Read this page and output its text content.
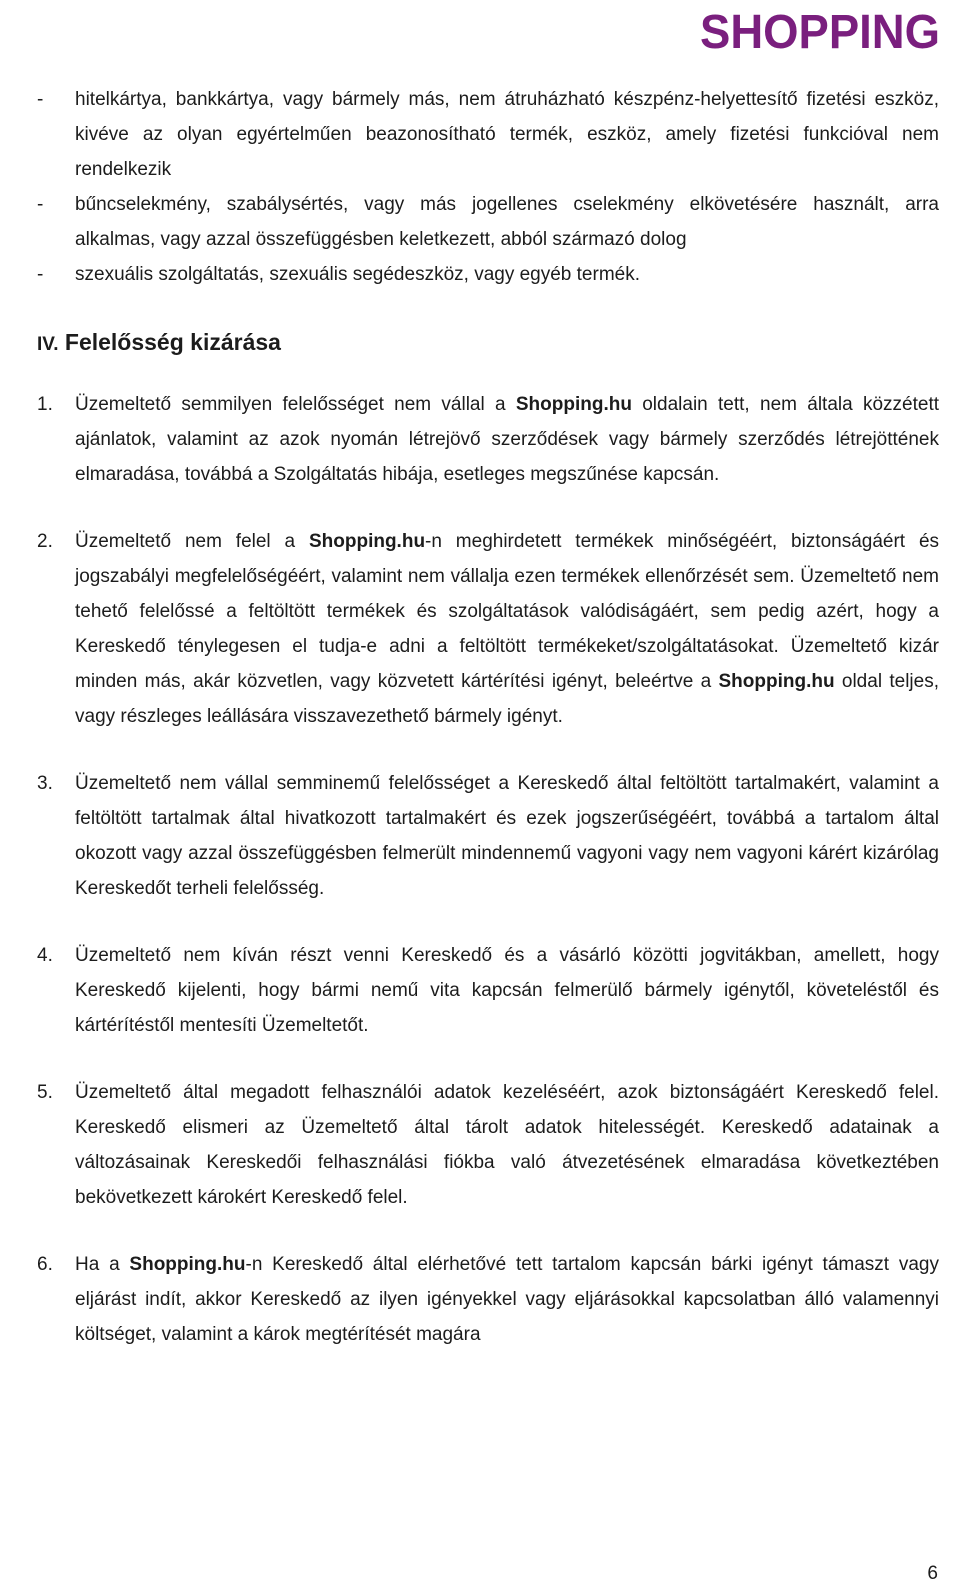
SHOPPING
- hitelkártya, bankkártya, vagy bármely más, nem átruházható készpénz-helyettesítő fizetési eszköz, kivéve az olyan egyértelműen beazonosítható termék, eszköz, amely fizetési funkcióval nem rendelkezik
- bűncselekmény, szabálysértés, vagy más jogellenes cselekmény elkövetésére használt, arra alkalmas, vagy azzal összefüggésben keletkezett, abból származó dolog
- szexuális szolgáltatás, szexuális segédeszköz, vagy egyéb termék.
IV. Felelősség kizárása
1. Üzemeltető semmilyen felelősséget nem vállal a Shopping.hu oldalain tett, nem általa közzétett ajánlatok, valamint az azok nyomán létrejövő szerződések vagy bármely szerződés létrejöttének elmaradása, továbbá a Szolgáltatás hibája, esetleges megszűnése kapcsán.
2. Üzemeltető nem felel a Shopping.hu-n meghirdetett termékek minőségéért, biztonságáért és jogszabályi megfelelőségéért, valamint nem vállalja ezen termékek ellenőrzését sem. Üzemeltető nem tehető felelőssé a feltöltött termékek és szolgáltatások valódiságáért, sem pedig azért, hogy a Kereskedő ténylegesen el tudja-e adni a feltöltött termékeket/szolgáltatásokat. Üzemeltető kizár minden más, akár közvetlen, vagy közvetett kártérítési igényt, beleértve a Shopping.hu oldal teljes, vagy részleges leállására visszavezethető bármely igényt.
3. Üzemeltető nem vállal semminemű felelősséget a Kereskedő által feltöltött tartalmakért, valamint a feltöltött tartalmak által hivatkozott tartalmakért és ezek jogszerűségéért, továbbá a tartalom által okozott vagy azzal összefüggésben felmerült mindennemű vagyoni vagy nem vagyoni kárért kizárólag Kereskedőt terheli felelősség.
4. Üzemeltető nem kíván részt venni Kereskedő és a vásárló közötti jogvitákban, amellett, hogy Kereskedő kijelenti, hogy bármi nemű vita kapcsán felmerülő bármely igénytől, követeléstől és kártérítéstől mentesíti Üzemeltetőt.
5. Üzemeltető által megadott felhasználói adatok kezeléséért, azok biztonságáért Kereskedő felel. Kereskedő elismeri az Üzemeltető által tárolt adatok hitelességét. Kereskedő adatainak a változásainak Kereskedői felhasználási fiókba való átvezetésének elmaradása következtében bekövetkezett károkért Kereskedő felel.
6. Ha a Shopping.hu-n Kereskedő által elérhetővé tett tartalom kapcsán bárki igényt támaszt vagy eljárást indít, akkor Kereskedő az ilyen igényekkel vagy eljárásokkal kapcsolatban álló valamennyi költséget, valamint a károk megtérítését magára
6
